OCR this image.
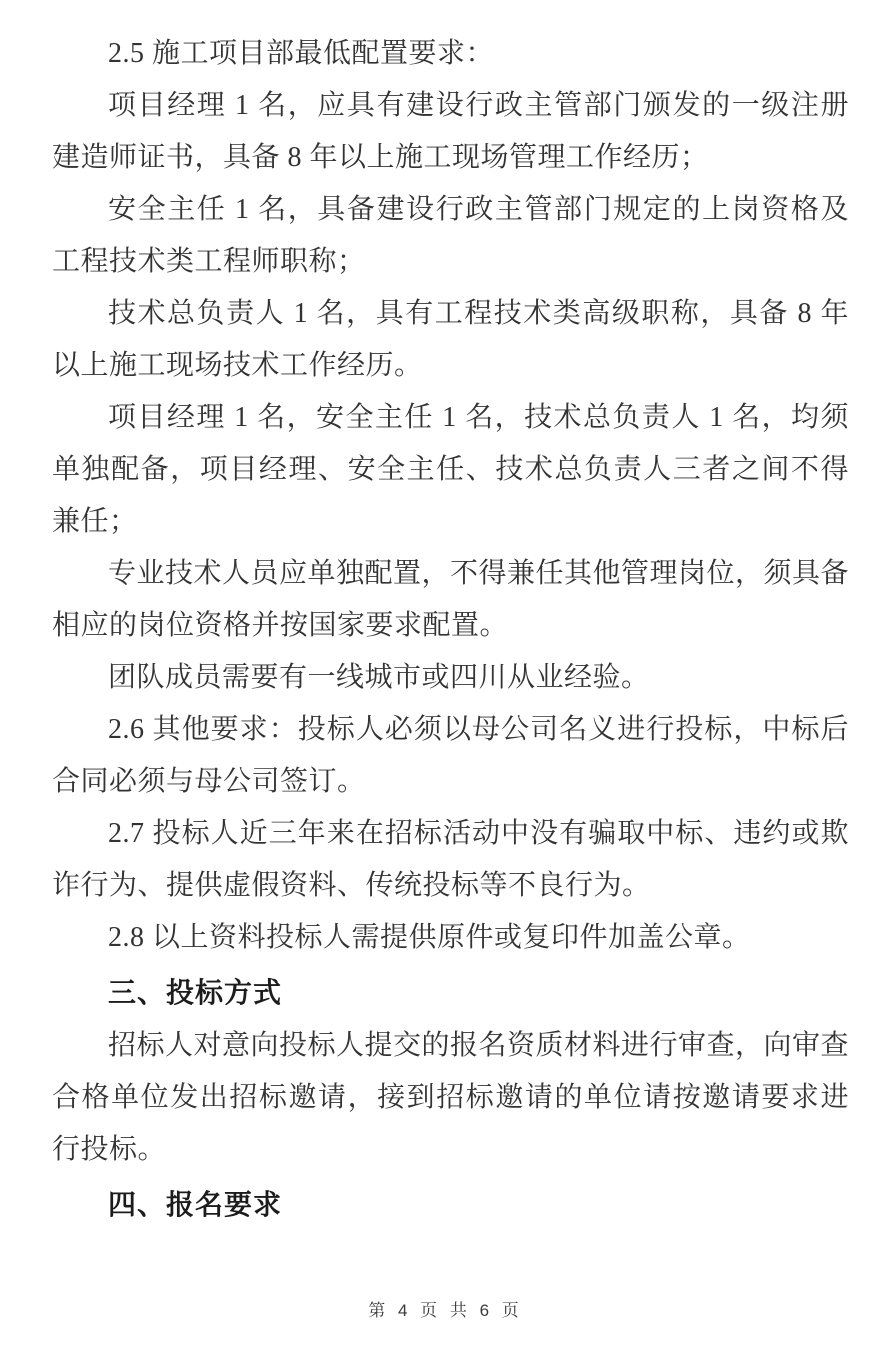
2.5 施工项目部最低配置要求：

项目经理 1 名，应具有建设行政主管部门颁发的一级注册建造师证书，具备 8 年以上施工现场管理工作经历；

安全主任 1 名，具备建设行政主管部门规定的上岗资格及工程技术类工程师职称；

技术总负责人 1 名，具有工程技术类高级职称，具备 8 年以上施工现场技术工作经历。

项目经理 1 名，安全主任 1 名，技术总负责人 1 名，均须单独配备，项目经理、安全主任、技术总负责人三者之间不得兼任；

专业技术人员应单独配置，不得兼任其他管理岗位，须具备相应的岗位资格并按国家要求配置。

团队成员需要有一线城市或四川从业经验。

2.6 其他要求：投标人必须以母公司名义进行投标，中标后合同必须与母公司签订。

2.7 投标人近三年来在招标活动中没有骗取中标、违约或欺诈行为、提供虚假资料、传统投标等不良行为。

2.8 以上资料投标人需提供原件或复印件加盖公章。

三、投标方式

招标人对意向投标人提交的报名资质材料进行审查，向审查合格单位发出招标邀请，接到招标邀请的单位请按邀请要求进行投标。

四、报名要求
第 4 页 共 6 页
